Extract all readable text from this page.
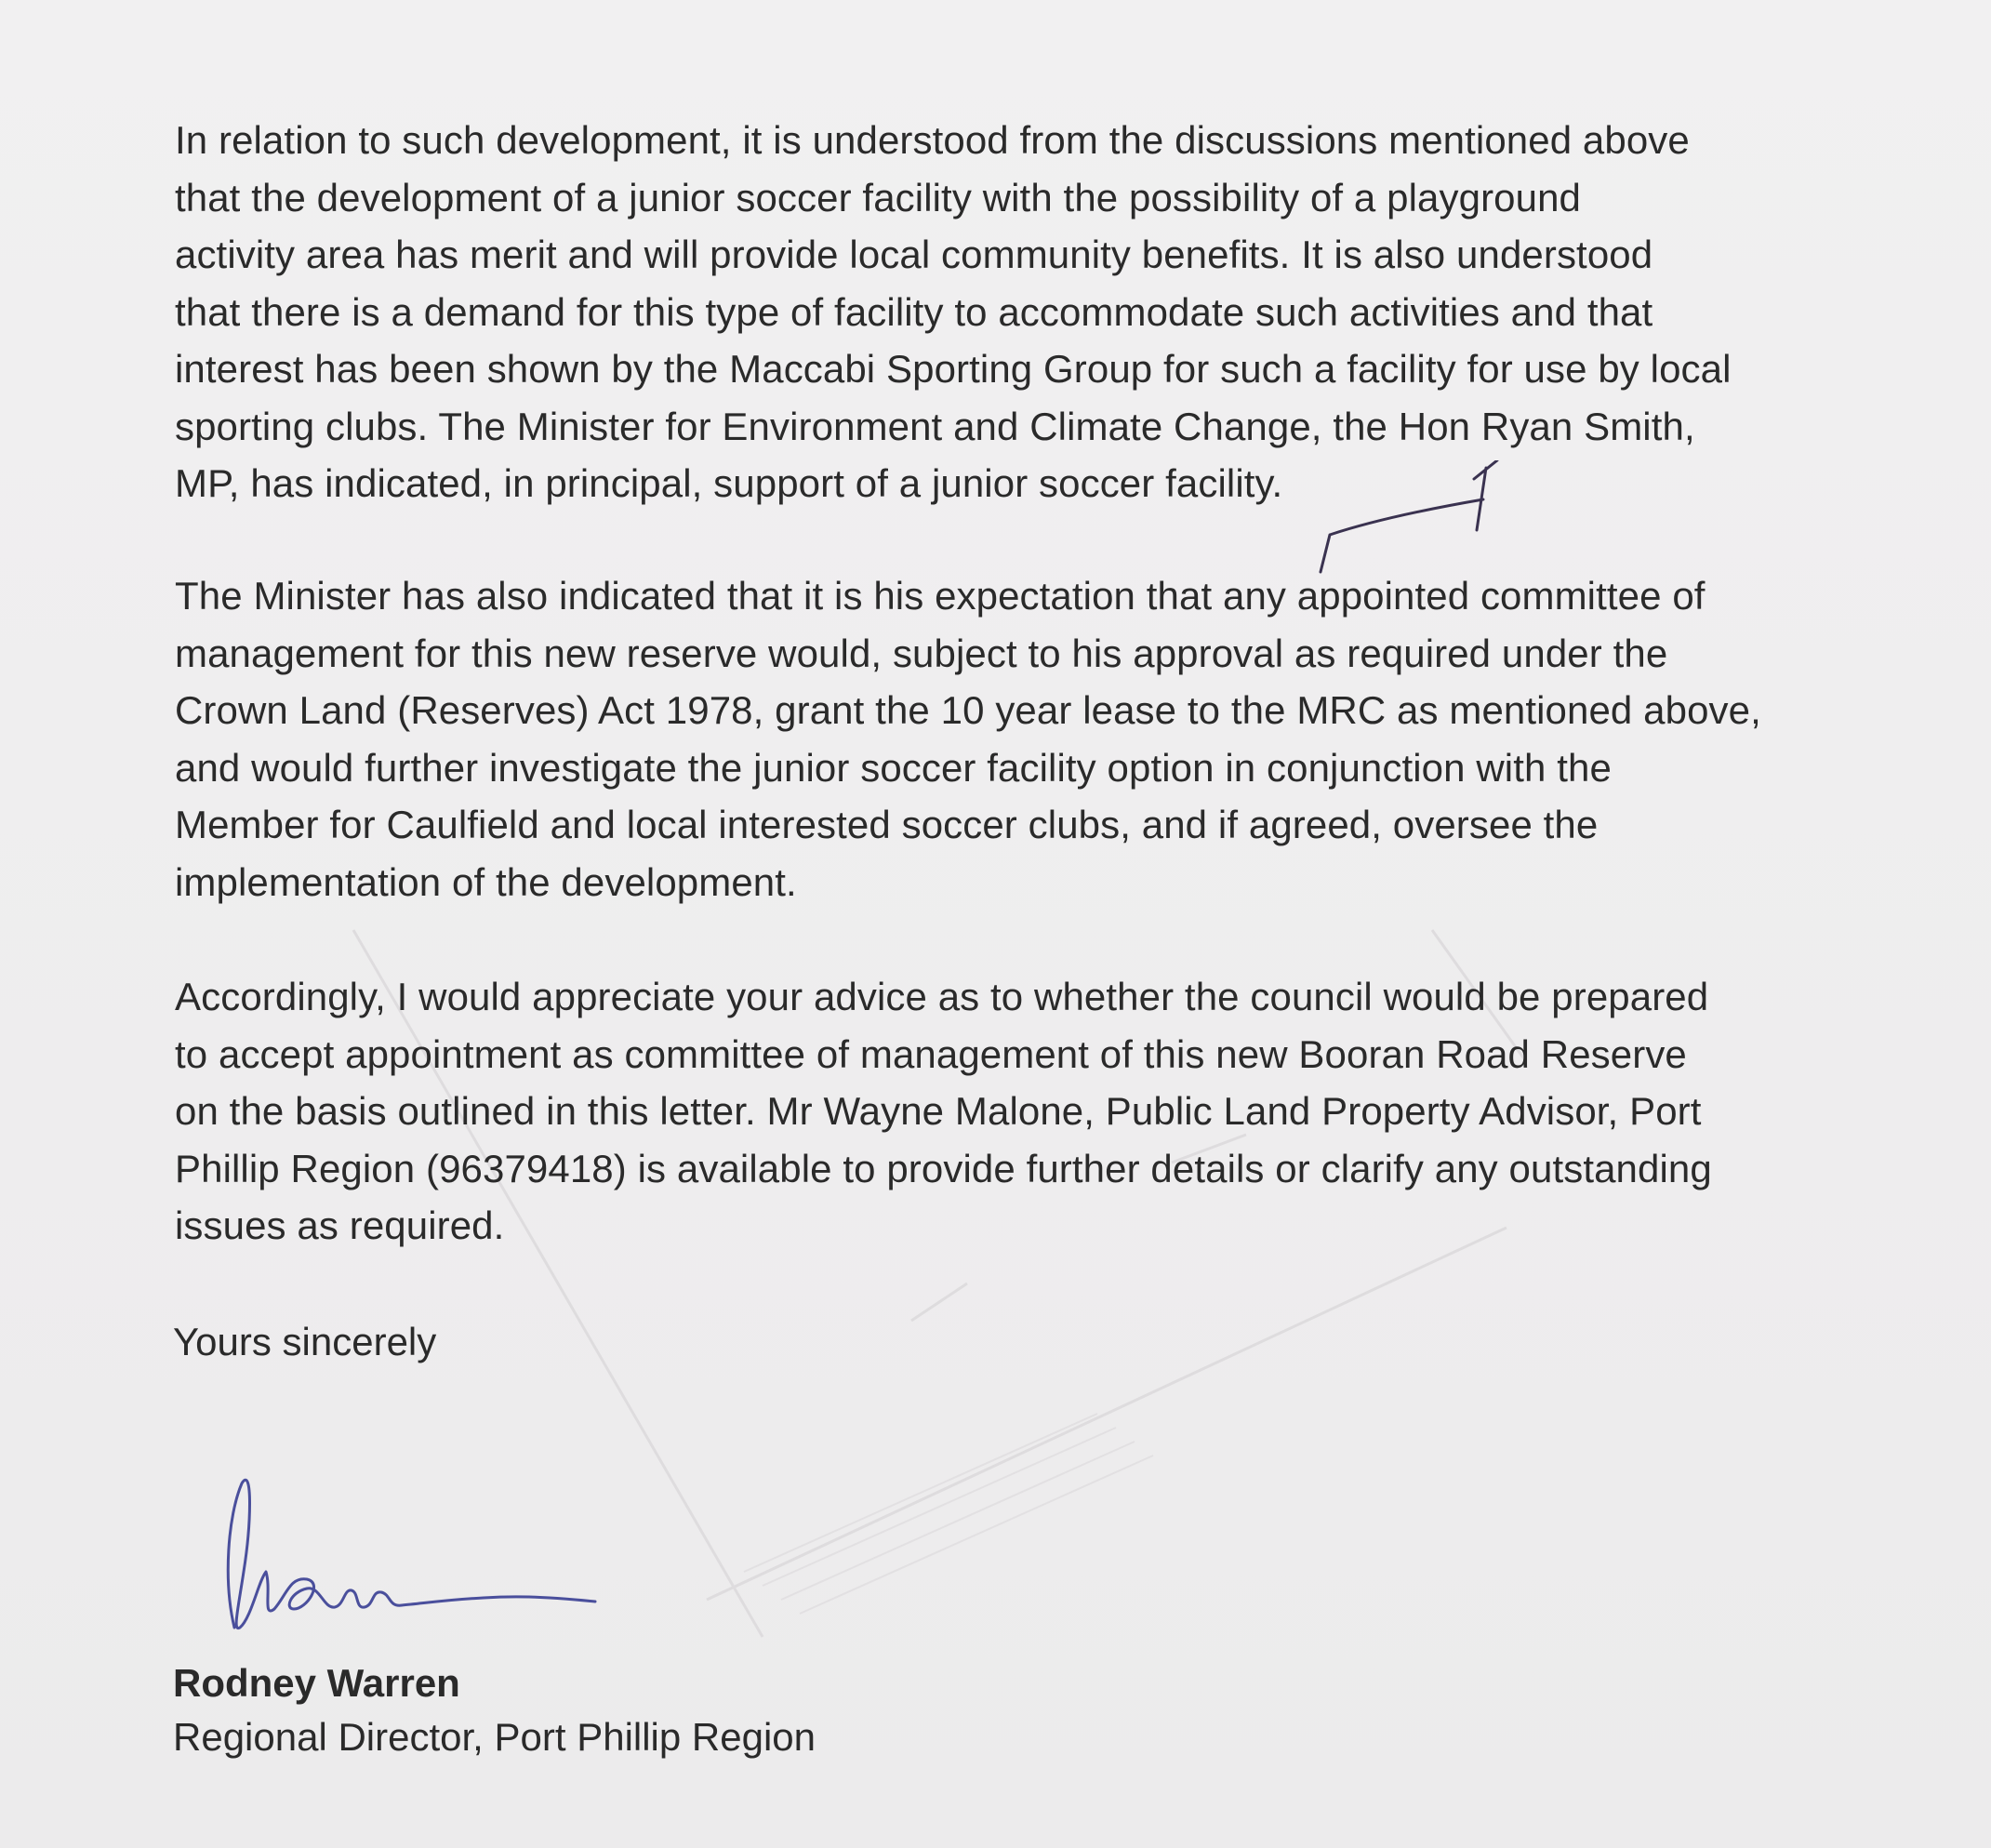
In relation to such development, it is understood from the discussions mentioned above
that the development of a junior soccer facility with the possibility of a playground
activity area has merit and will provide local community benefits. It is also understood
that there is a demand for this type of facility to accommodate such activities and that
interest has been shown by the Maccabi Sporting Group for such a facility for use by local
sporting clubs. The Minister for Environment and Climate Change, the Hon Ryan Smith,
MP, has indicated, in principal, support of a junior soccer facility.

The Minister has also indicated that it is his expectation that any appointed committee of
management for this new reserve would, subject to his approval as required under the
Crown Land (Reserves) Act 1978, grant the 10 year lease to the MRC as mentioned above,
and would further investigate the junior soccer facility option in conjunction with the
Member for Caulfield and local interested soccer clubs, and if agreed, oversee the
implementation of the development.

Accordingly, I would appreciate your advice as to whether the council would be prepared
to accept appointment as committee of management of this new Booran Road Reserve
on the basis outlined in this letter. Mr Wayne Malone, Public Land Property Advisor, Port
Phillip Region (96379418) is available to provide further details or clarify any outstanding
issues as required.

Yours sincerely

Rodney Warren

Regional Director, Port Phillip Region
